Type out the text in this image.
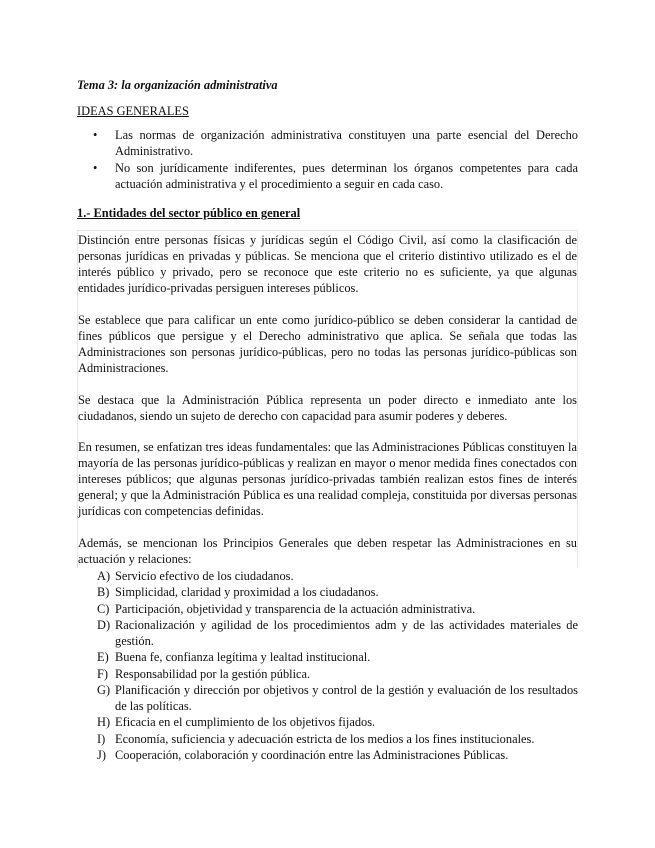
Tema 3: la organización administrativa

IDEAS GENERALES

• Las normas de organización administrativa constituyen una parte esencial del Derecho Administrativo.
• No son jurídicamente indiferentes, pues determinan los órganos competentes para cada actuación administrativa y el procedimiento a seguir en cada caso.

1.- Entidades del sector público en general

Distinción entre personas físicas y jurídicas según el Código Civil, así como la clasificación de personas jurídicas en privadas y públicas. Se menciona que el criterio distintivo utilizado es el de interés público y privado, pero se reconoce que este criterio no es suficiente, ya que algunas entidades jurídico-privadas persiguen intereses públicos.

Se establece que para calificar un ente como jurídico-público se deben considerar la cantidad de fines públicos que persigue y el Derecho administrativo que aplica. Se señala que todas las Administraciones son personas jurídico-públicas, pero no todas las personas jurídico-públicas son Administraciones.

Se destaca que la Administración Pública representa un poder directo e inmediato ante los ciudadanos, siendo un sujeto de derecho con capacidad para asumir poderes y deberes.

En resumen, se enfatizan tres ideas fundamentales: que las Administraciones Públicas constituyen la mayoría de las personas jurídico-públicas y realizan en mayor o menor medida fines conectados con intereses públicos; que algunas personas jurídico-privadas también realizan estos fines de interés general; y que la Administración Pública es una realidad compleja, constituida por diversas personas jurídicas con competencias definidas.

Además, se mencionan los Principios Generales que deben respetar las Administraciones en su actuación y relaciones:

A) Servicio efectivo de los ciudadanos.
B) Simplicidad, claridad y proximidad a los ciudadanos.
C) Participación, objetividad y transparencia de la actuación administrativa.
D) Racionalización y agilidad de los procedimientos adm y de las actividades materiales de gestión.
E) Buena fe, confianza legítima y lealtad institucional.
F) Responsabilidad por la gestión pública.
G) Planificación y dirección por objetivos y control de la gestión y evaluación de los resultados de las políticas.
H) Eficacia en el cumplimiento de los objetivos fijados.
I) Economía, suficiencia y adecuación estricta de los medios a los fines institucionales.
J) Cooperación, colaboración y coordinación entre las Administraciones Públicas.
